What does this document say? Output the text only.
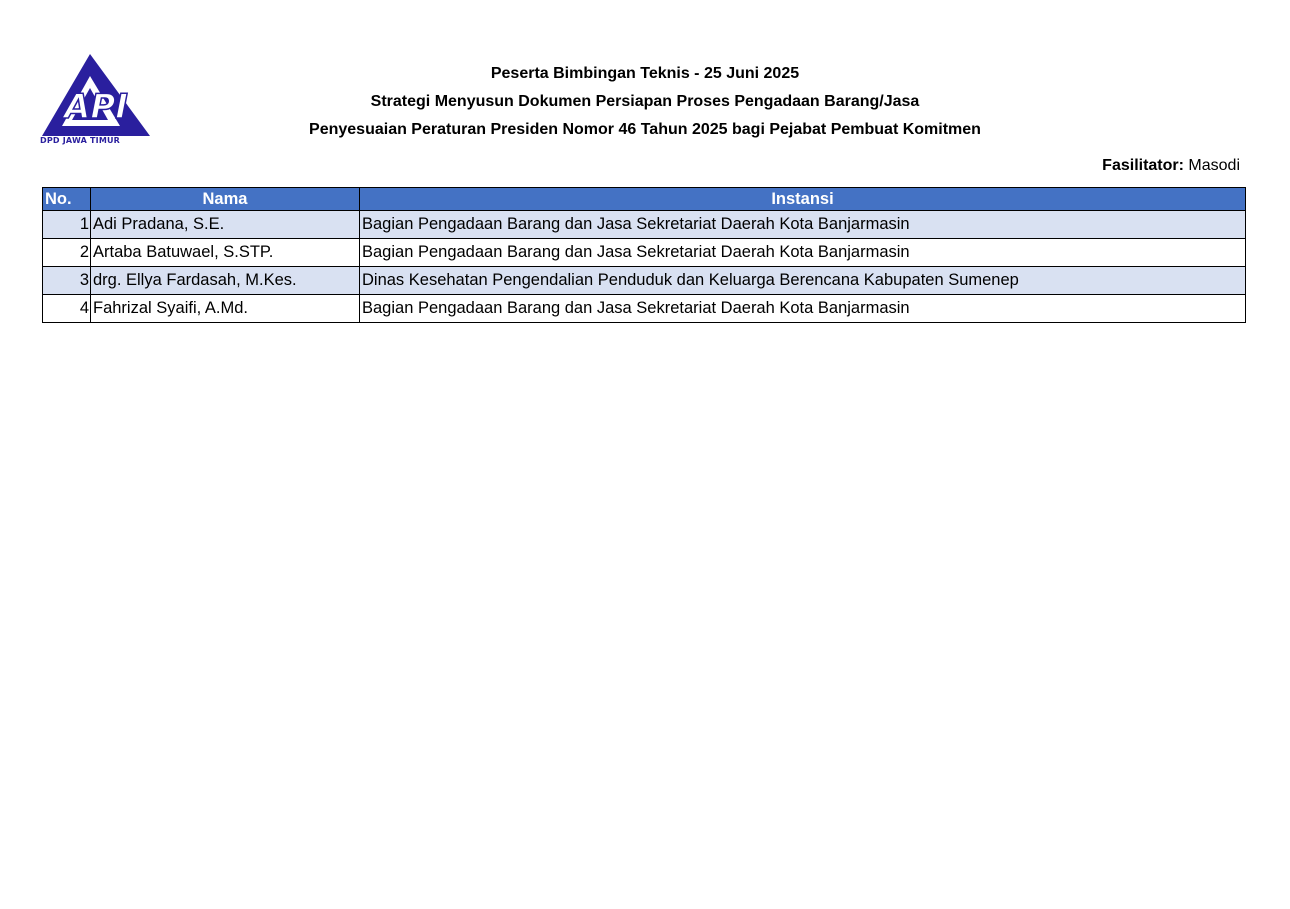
API
DPD JAWA TIMUR
Peserta Bimbingan Teknis - 25 Juni 2025
Strategi Menyusun Dokumen Persiapan Proses Pengadaan Barang/Jasa
Penyesuaian Peraturan Presiden Nomor 46 Tahun 2025 bagi Pejabat Pembuat Komitmen
Fasilitator: Masodi
No.	Nama	Instansi
1	Adi Pradana, S.E.	Bagian Pengadaan Barang dan Jasa Sekretariat Daerah Kota Banjarmasin
2	Artaba Batuwael, S.STP.	Bagian Pengadaan Barang dan Jasa Sekretariat Daerah Kota Banjarmasin
3	drg. Ellya Fardasah, M.Kes.	Dinas Kesehatan Pengendalian Penduduk dan Keluarga Berencana Kabupaten Sumenep
4	Fahrizal Syaifi, A.Md.	Bagian Pengadaan Barang dan Jasa Sekretariat Daerah Kota Banjarmasin
